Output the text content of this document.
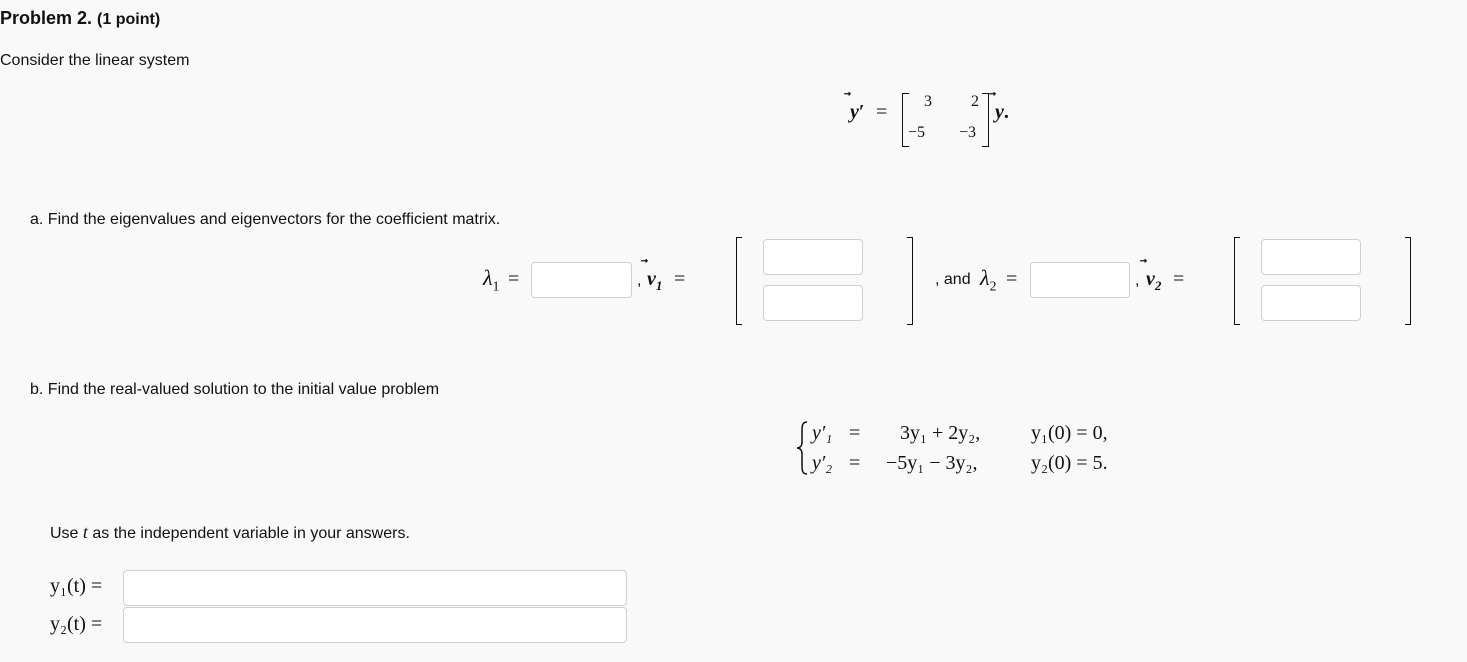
Problem 2. (1 point)
Consider the linear system
y′ = 3 2
−5 −3
y.
a. Find the eigenvalues and eigenvectors for the coefficient matrix.
$\lambda_1$ =	, $v_1$ =	, and $\lambda_2$ =	, $v_2$ =
b. Find the real-valued solution to the initial value problem
y′₁ = 3y₁ + 2y₂,	y₁(0) = 0,
y′₂ = −5y₁ − 3y₂,	y₂(0) = 5.
Use t as the independent variable in your answers.
y₁(t) =
y₂(t) =
